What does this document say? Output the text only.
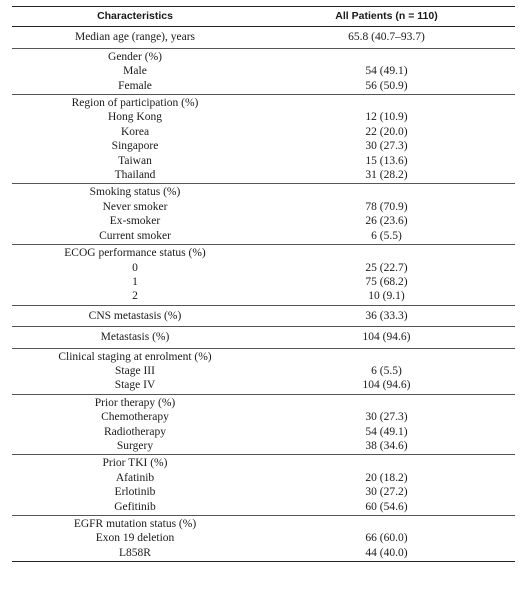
Characteristics	All Patients (n = 110)
Median age (range), years	65.8 (40.7–93.7)
Gender (%)
Male	54 (49.1)
Female	56 (50.9)
Region of participation (%)
Hong Kong	12 (10.9)
Korea	22 (20.0)
Singapore	30 (27.3)
Taiwan	15 (13.6)
Thailand	31 (28.2)
Smoking status (%)
Never smoker	78 (70.9)
Ex-smoker	26 (23.6)
Current smoker	6 (5.5)
ECOG performance status (%)
0	25 (22.7)
1	75 (68.2)
2	10 (9.1)
CNS metastasis (%)	36 (33.3)
Metastasis (%)	104 (94.6)
Clinical staging at enrolment (%)
Stage III	6 (5.5)
Stage IV	104 (94.6)
Prior therapy (%)
Chemotherapy	30 (27.3)
Radiotherapy	54 (49.1)
Surgery	38 (34.6)
Prior TKI (%)
Afatinib	20 (18.2)
Erlotinib	30 (27.2)
Gefitinib	60 (54.6)
EGFR mutation status (%)
Exon 19 deletion	66 (60.0)
L858R	44 (40.0)
